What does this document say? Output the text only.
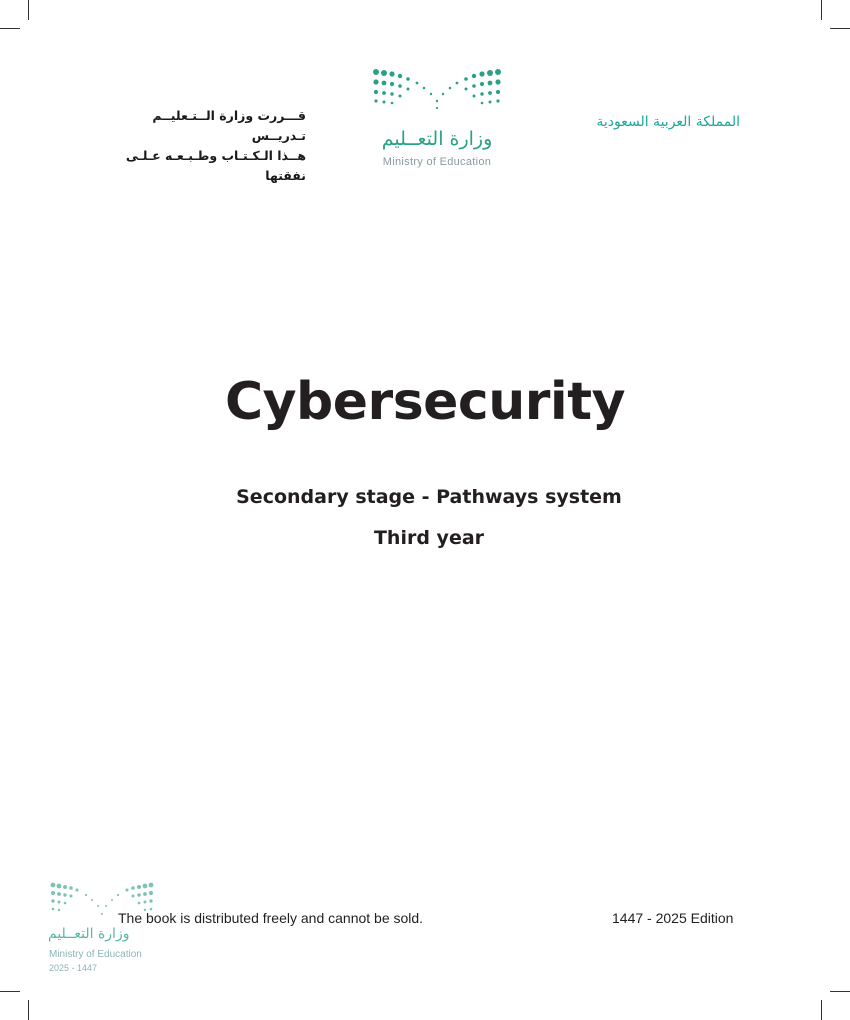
قـــررت وزارة الــتـعليــم تـدريــس
هــذا الـكـتـاب وطـبـعـه عـلـى نفقتها
وزارة التعــليم
Ministry of Education
المملكة العربية السعودية
Cybersecurity
Secondary stage - Pathways system
Third year
وزارة التعــليم
Ministry of Education
2025 - 1447
The book is distributed freely and cannot be sold.	1447 - 2025 Edition
